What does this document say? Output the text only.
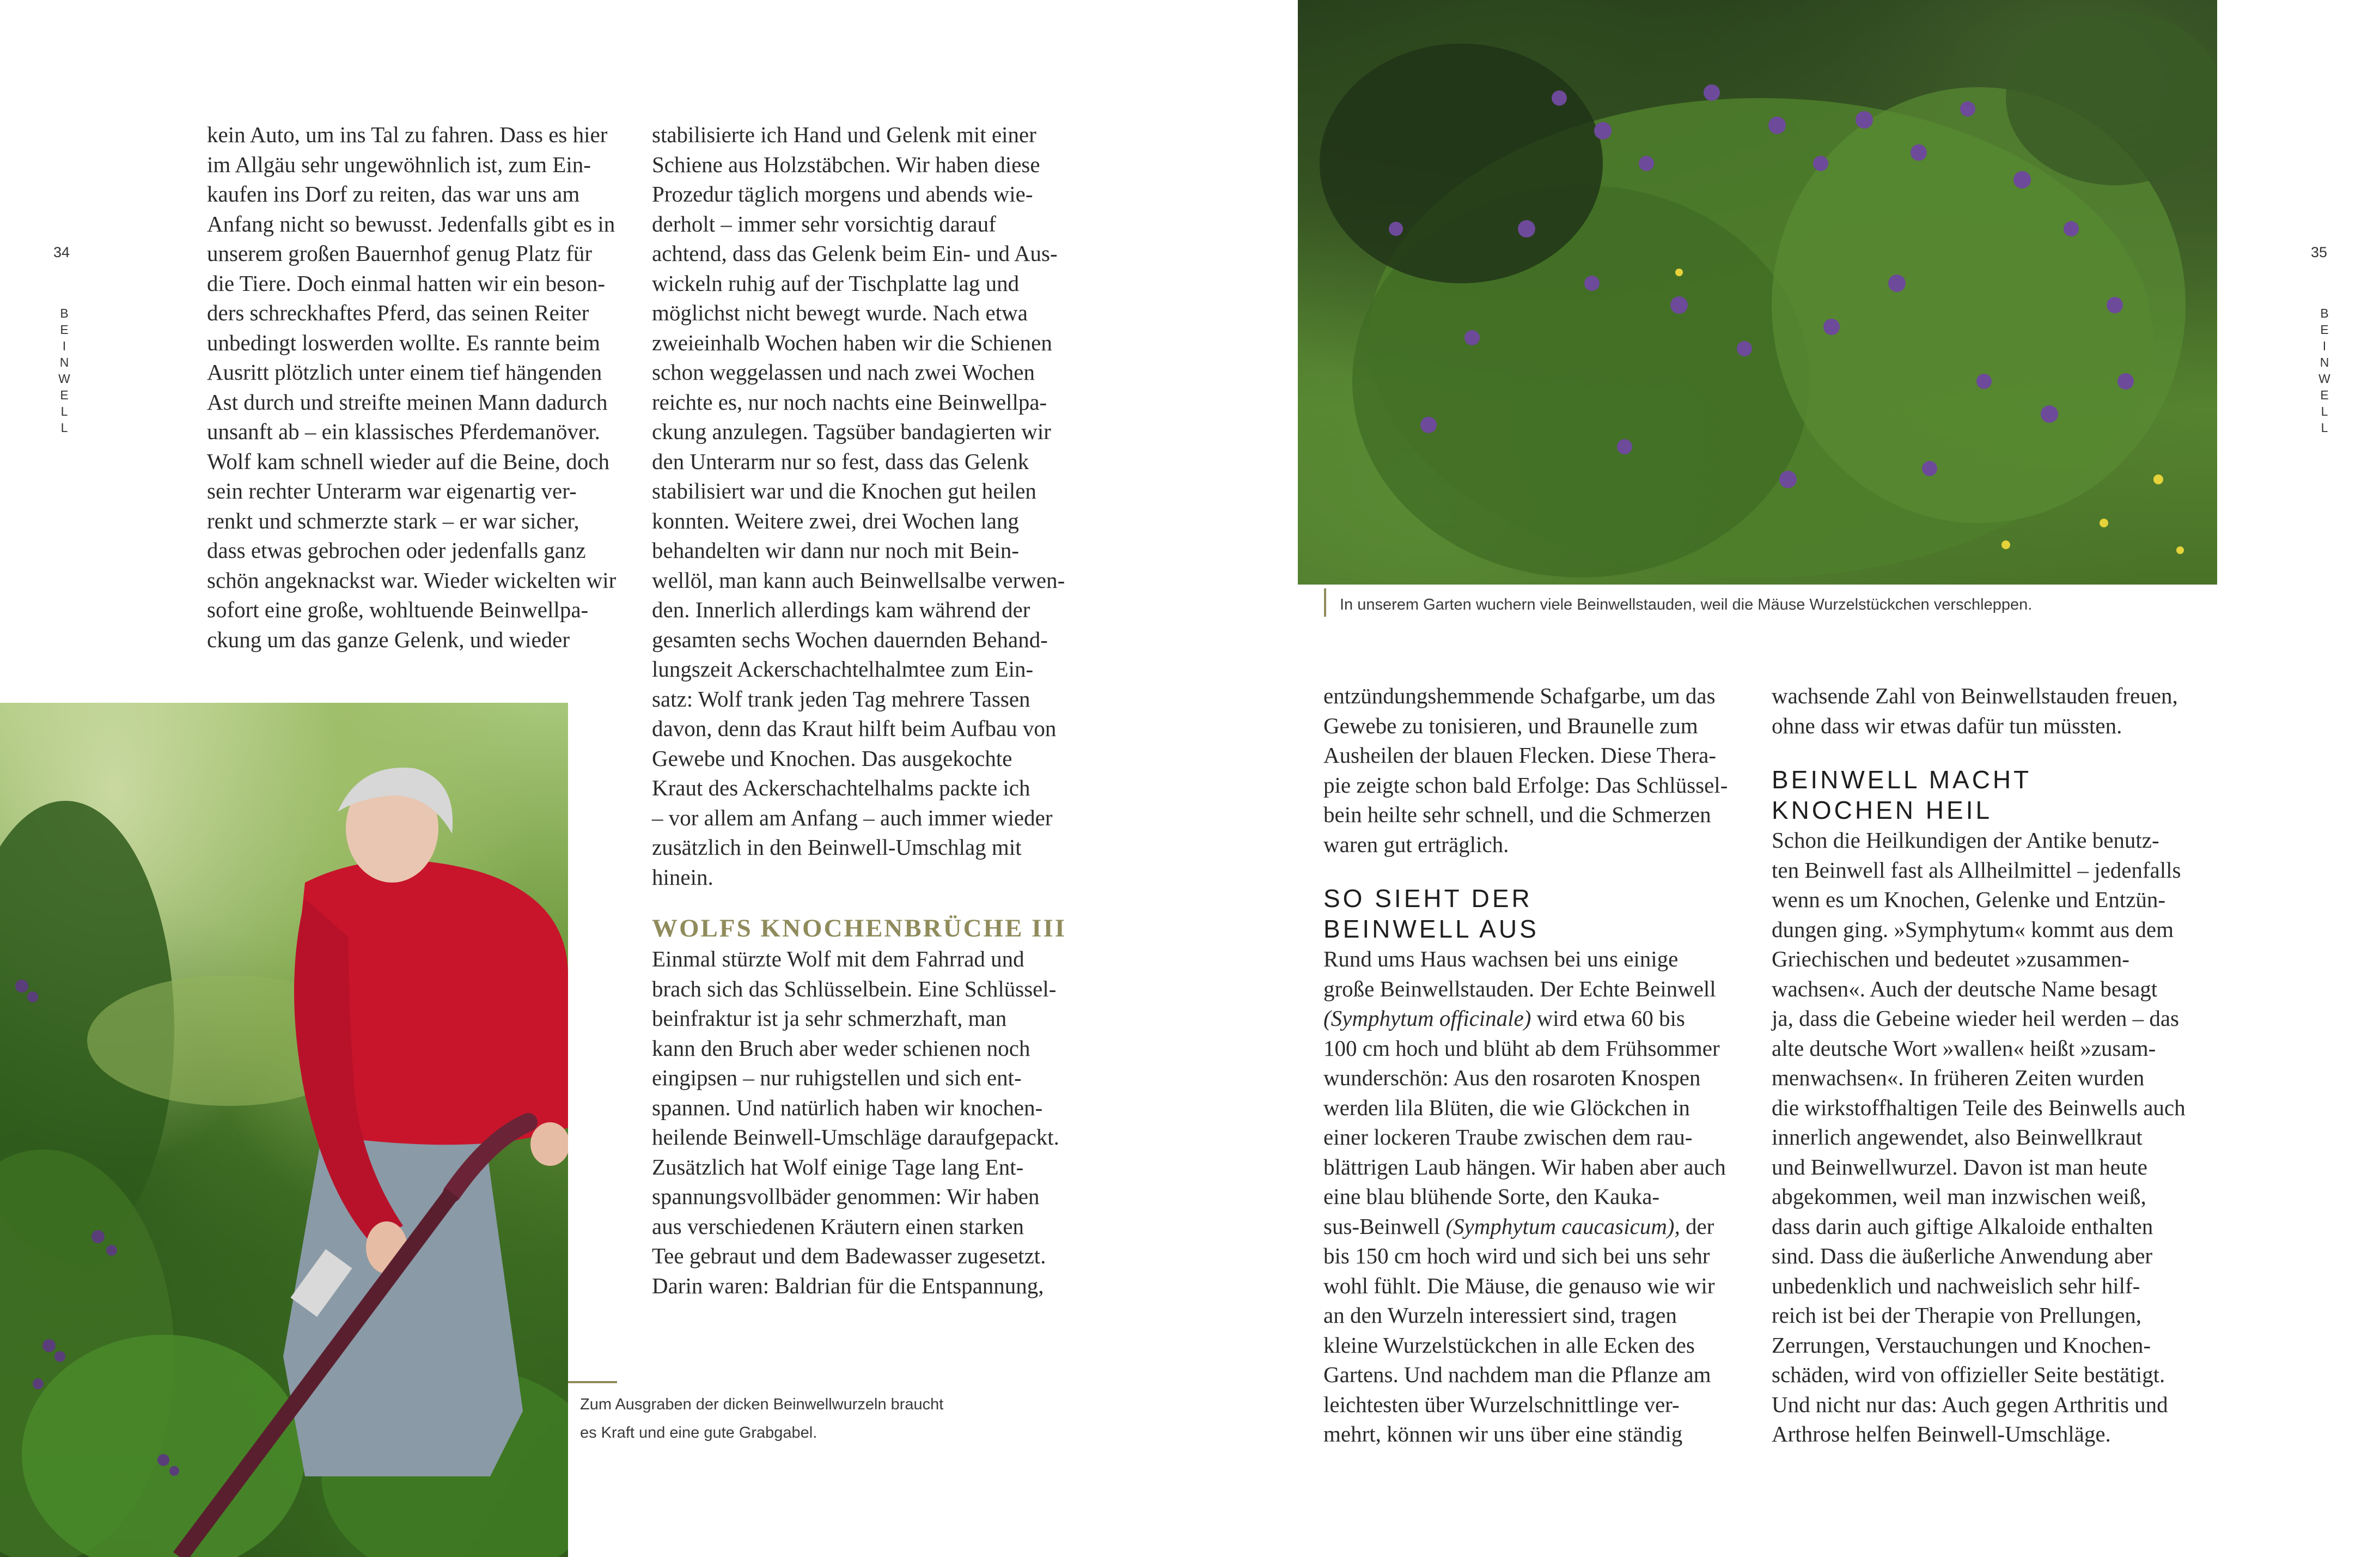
34
B
E
I
N
W
E
L
L

kein Auto, um ins Tal zu fahren. Dass es hier
im Allgäu sehr ungewöhnlich ist, zum Ein-
kaufen ins Dorf zu reiten, das war uns am
Anfang nicht so bewusst. Jedenfalls gibt es in
unserem großen Bauernhof genug Platz für
die Tiere. Doch einmal hatten wir ein beson-
ders schreckhaftes Pferd, das seinen Reiter
unbedingt loswerden wollte. Es rannte beim
Ausritt plötzlich unter einem tief hängenden
Ast durch und streifte meinen Mann dadurch
unsanft ab – ein klassisches Pferdemanöver.
Wolf kam schnell wieder auf die Beine, doch
sein rechter Unterarm war eigenartig ver-
renkt und schmerzte stark – er war sicher,
dass etwas gebrochen oder jedenfalls ganz
schön angeknackst war. Wieder wickelten wir
sofort eine große, wohltuende Beinwellpa-
ckung um das ganze Gelenk, und wieder

stabilisierte ich Hand und Gelenk mit einer
Schiene aus Holzstäbchen. Wir haben diese
Prozedur täglich morgens und abends wie-
derholt – immer sehr vorsichtig darauf
achtend, dass das Gelenk beim Ein- und Aus-
wickeln ruhig auf der Tischplatte lag und
möglichst nicht bewegt wurde. Nach etwa
zweieinhalb Wochen haben wir die Schienen
schon weggelassen und nach zwei Wochen
reichte es, nur noch nachts eine Beinwellpa-
ckung anzulegen. Tagsüber bandagierten wir
den Unterarm nur so fest, dass das Gelenk
stabilisiert war und die Knochen gut heilen
konnten. Weitere zwei, drei Wochen lang
behandelten wir dann nur noch mit Bein-
wellöl, man kann auch Beinwellsalbe verwen-
den. Innerlich allerdings kam während der
gesamten sechs Wochen dauernden Behand-
lungszeit Ackerschachtelhalmtee zum Ein-
satz: Wolf trank jeden Tag mehrere Tassen
davon, denn das Kraut hilft beim Aufbau von
Gewebe und Knochen. Das ausgekochte
Kraut des Ackerschachtelhalms packte ich
– vor allem am Anfang – auch immer wieder
zusätzlich in den Beinwell-Umschlag mit
hinein.

WOLFS KNOCHENBRÜCHE III

Einmal stürzte Wolf mit dem Fahrrad und
brach sich das Schlüsselbein. Eine Schlüssel-
beinfraktur ist ja sehr schmerzhaft, man
kann den Bruch aber weder schienen noch
eingipsen – nur ruhigstellen und sich ent-
spannen. Und natürlich haben wir knochen-
heilende Beinwell-Umschläge daraufgepackt.
Zusätzlich hat Wolf einige Tage lang Ent-
spannungsvollbäder genommen: Wir haben
aus verschiedenen Kräutern einen starken
Tee gebraut und dem Badewasser zugesetzt.
Darin waren: Baldrian für die Entspannung,

Zum Ausgraben der dicken Beinwellwurzeln braucht
es Kraft und eine gute Grabgabel.
In unserem Garten wuchern viele Beinwellstauden, weil die Mäuse Wurzelstückchen verschleppen.
35
B
E
I
N
W
E
L
L

entzündungshemmende Schafgarbe, um das
Gewebe zu tonisieren, und Braunelle zum
Ausheilen der blauen Flecken. Diese Thera-
pie zeigte schon bald Erfolge: Das Schlüssel-
bein heilte sehr schnell, und die Schmerzen
waren gut erträglich.

SO SIEHT DER
BEINWELL AUS

Rund ums Haus wachsen bei uns einige
große Beinwellstauden. Der Echte Beinwell
(Symphytum officinale) wird etwa 60 bis
100 cm hoch und blüht ab dem Frühsommer
wunderschön: Aus den rosaroten Knospen
werden lila Blüten, die wie Glöckchen in
einer lockeren Traube zwischen dem rau-
blättrigen Laub hängen. Wir haben aber auch
eine blau blühende Sorte, den Kauka-
sus-Beinwell (Symphytum caucasicum), der
bis 150 cm hoch wird und sich bei uns sehr
wohl fühlt. Die Mäuse, die genauso wie wir
an den Wurzeln interessiert sind, tragen
kleine Wurzelstückchen in alle Ecken des
Gartens. Und nachdem man die Pflanze am
leichtesten über Wurzelschnittlinge ver-
mehrt, können wir uns über eine ständig

wachsende Zahl von Beinwellstauden freuen,
ohne dass wir etwas dafür tun müssten.

BEINWELL MACHT
KNOCHEN HEIL

Schon die Heilkundigen der Antike benutz-
ten Beinwell fast als Allheilmittel – jedenfalls
wenn es um Knochen, Gelenke und Entzün-
dungen ging. »Symphytum« kommt aus dem
Griechischen und bedeutet »zusammen-
wachsen«. Auch der deutsche Name besagt
ja, dass die Gebeine wieder heil werden – das
alte deutsche Wort »wallen« heißt »zusam-
menwachsen«. In früheren Zeiten wurden
die wirkstoffhaltigen Teile des Beinwells auch
innerlich angewendet, also Beinwellkraut
und Beinwellwurzel. Davon ist man heute
abgekommen, weil man inzwischen weiß,
dass darin auch giftige Alkaloide enthalten
sind. Dass die äußerliche Anwendung aber
unbedenklich und nachweislich sehr hilf-
reich ist bei der Therapie von Prellungen,
Zerrungen, Verstauchungen und Knochen-
schäden, wird von offizieller Seite bestätigt.
Und nicht nur das: Auch gegen Arthritis und
Arthrose helfen Beinwell-Umschläge.
